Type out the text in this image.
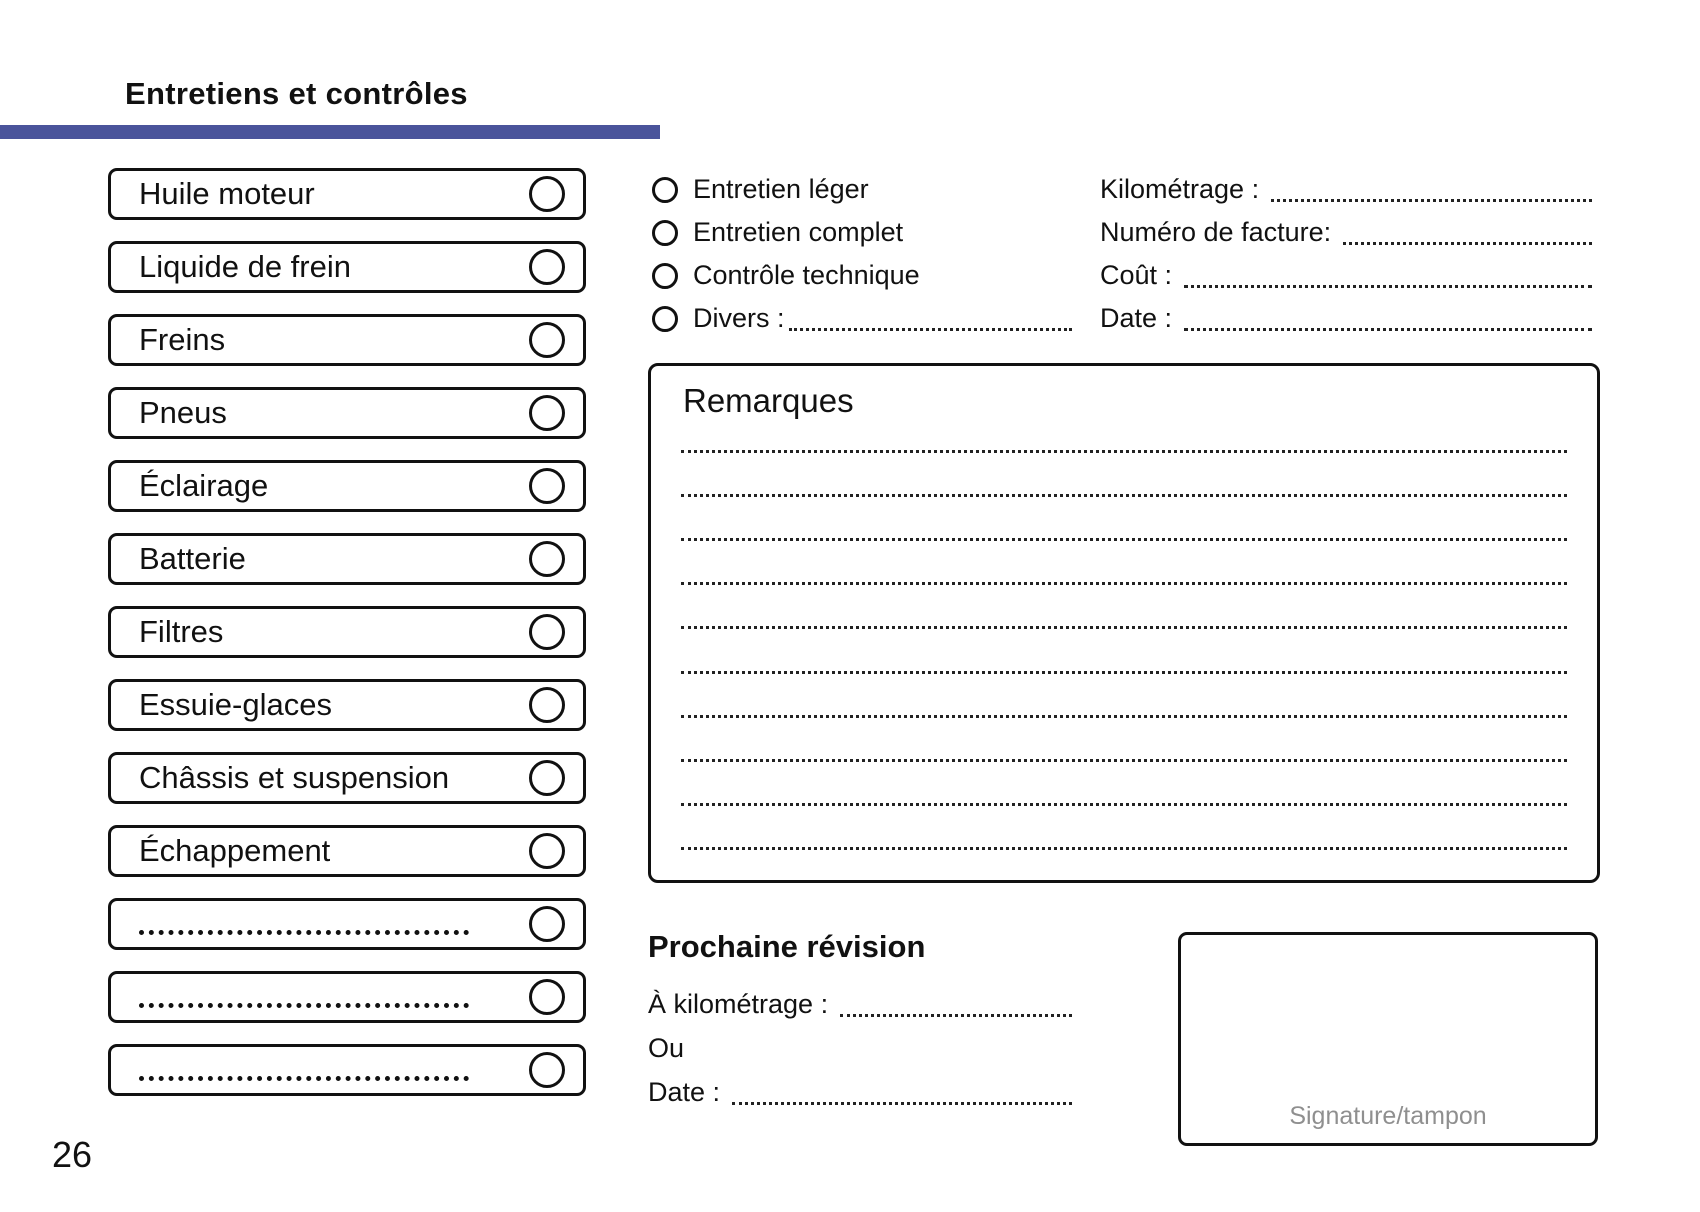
Entretiens et contrôles
Huile moteur
Liquide de frein
Freins
Pneus
Éclairage
Batterie
Filtres
Essuie-glaces
Châssis et suspension
Échappement
Entretien léger
Entretien complet
Contrôle technique
Divers :
Kilométrage :
Numéro de facture:
Coût :
Date :
Remarques
Prochaine révision
À kilométrage :
Ou
Date :
Signature/tampon
26
